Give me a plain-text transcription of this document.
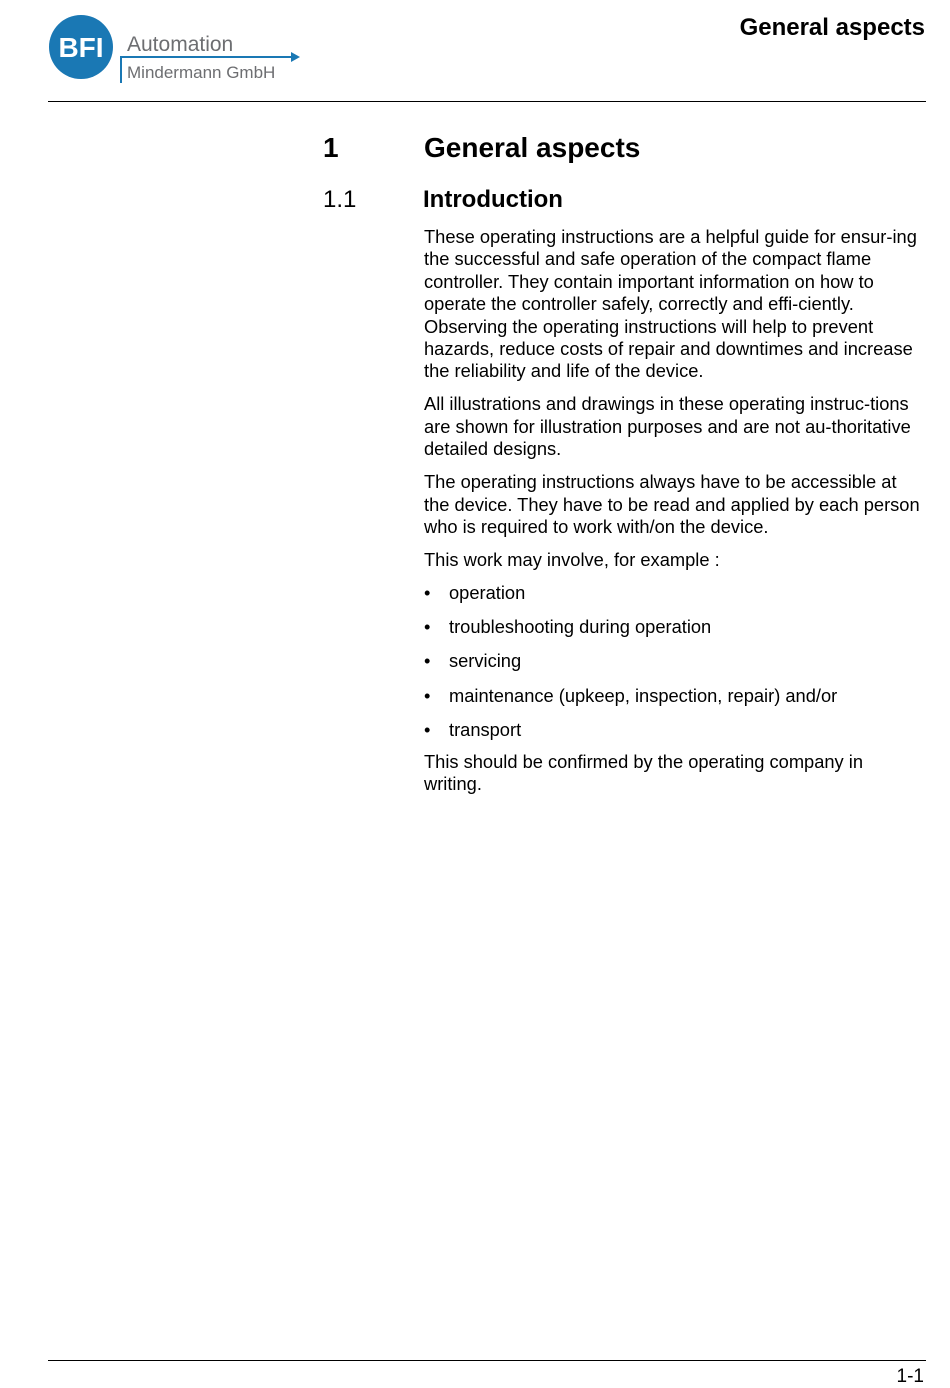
BFI Automation
Mindermann GmbH
General aspects
1	General aspects
1.1	Introduction

These operating instructions are a helpful guide for ensur-ing the successful and safe operation of the compact flame controller. They contain important information on how to operate the controller safely, correctly and effi-ciently. Observing the operating instructions will help to prevent hazards, reduce costs of repair and downtimes and increase the reliability and life of the device.

All illustrations and drawings in these operating instruc-tions are shown for illustration purposes and are not au-thoritative detailed designs.

The operating instructions always have to be accessible at the device. They have to be read and applied by each person who is required to work with/on the device.

This work may involve, for example :

• operation
• troubleshooting during operation
• servicing
• maintenance (upkeep, inspection, repair) and/or
• transport

This should be confirmed by the operating company in writing.

1-1
